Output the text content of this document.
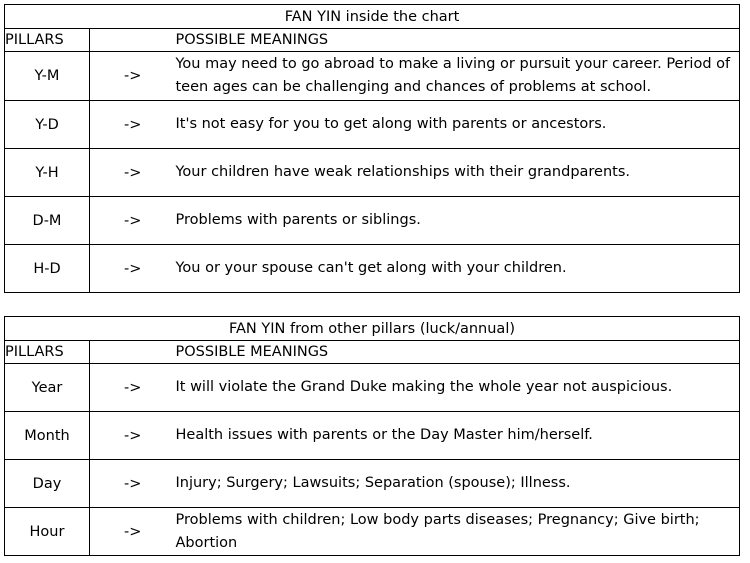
FAN YIN inside the chart		
PILLARS		POSSIBLE MEANINGS
Y-M	->	You may need to go abroad to make a living or pursuit your career. Period of teen ages can be challenging and chances of problems at school.
Y-D	->	It's not easy for you to get along with parents or ancestors.
Y-H	->	Your children have weak relationships with their grandparents.
D-M	->	Problems with parents or siblings.
H-D	->	You or your spouse can't get along with your children.
FAN YIN from other pillars (luck/annual)		
PILLARS		POSSIBLE MEANINGS
Year	->	It will violate the Grand Duke making the whole year not auspicious.
Month	->	Health issues with parents or the Day Master him/herself.
Day	->	Injury; Surgery; Lawsuits; Separation (spouse); Illness.
Hour	->	Problems with children; Low body parts diseases; Pregnancy; Give birth; Abortion
